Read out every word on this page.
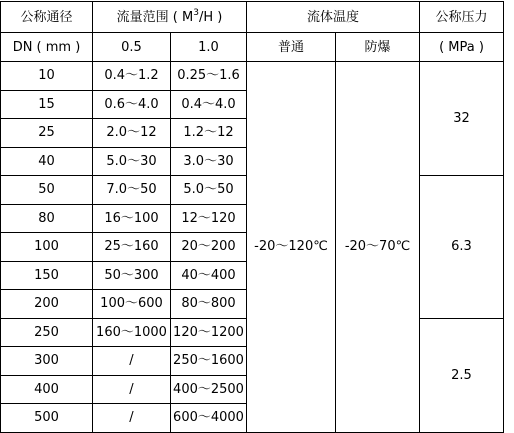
公称通径	流量范围 ( $M^3/H$ )		流体温度		公称压力
DN ( mm )	0.5	1.0	普通	防爆	( MPa )
10	0.4～1.2	0.25～1.6	-20～120℃	-20～70℃	32
15	0.6～4.0	0.4～4.0			
25	2.0～12	1.2～12			
40	5.0～30	3.0～30			
50	7.0～50	5.0～50			6.3
80	16～100	12～120			
100	25～160	20～200			
150	50～300	40～400			
200	100～600	80～800			
250	160～1000	120～1200			2.5
300	/	250～1600			
400	/	400～2500			
500	/	600～4000			
